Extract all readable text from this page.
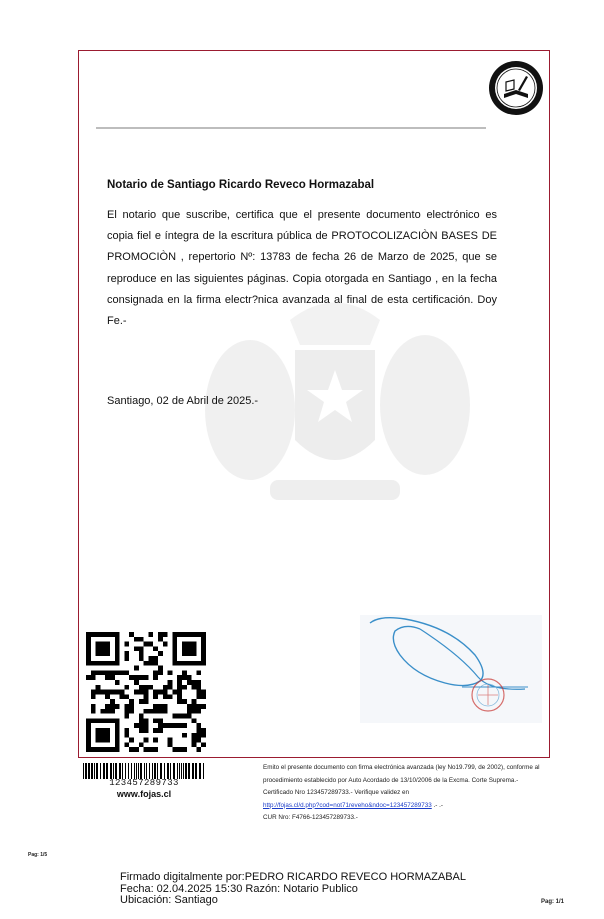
Notario de Santiago Ricardo Reveco Hormazabal
El notario que suscribe, certifica que el presente documento electrónico es copia fiel e íntegra de la escritura pública de PROTOCOLIZACIÒN BASES DE PROMOCIÒN , repertorio Nº: 13783 de fecha 26 de Marzo de 2025, que se reproduce en las siguientes páginas. Copia otorgada en Santiago , en la fecha consignada en la firma electr?nica avanzada al final de esta certificación. Doy Fe.-
Santiago, 02 de Abril de 2025.-
123457289733
www.fojas.cl

Emito el presente documento con firma electrónica avanzada (ley No19.799, de 2002), conforme al procedimiento establecido por Auto Acordado de 13/10/2006 de la Excma. Corte Suprema.-

Certificado Nro 123457289733.- Verifique validez en

http://fojas.cl/d.php?cod=not71reveho&ndoc=123457289733 .- .-

CUR Nro: F4766-123457289733.-

Pag: 1/5
Firmado digitalmente por:PEDRO RICARDO REVECO HORMAZABAL
Fecha: 02.04.2025 15:30 Razón: Notario Publico
Ubicación: Santiago	Pag: 1/1
